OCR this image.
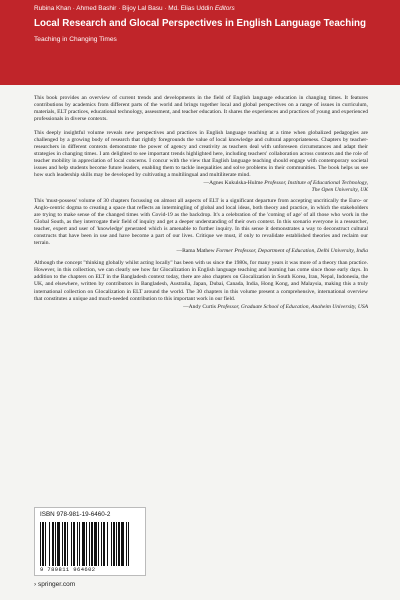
Rubina Khan · Ahmed Bashir · Bijoy Lal Basu · Md. Elias Uddin Editors
Local Research and Glocal Perspectives in English Language Teaching
Teaching in Changing Times

This book provides an overview of current trends and developments in the field of English language education in changing times. It features contributions by academics from different parts of the world and brings together local and global perspectives on a range of issues in curriculum, materials, ELT practices, educational technology, assessment, and teacher education. It shares the experiences and practices of young and experienced professionals in diverse contexts.

This deeply insightful volume reveals new perspectives and practices in English language teaching at a time when globalized pedagogies are challenged by a growing body of research that rightly foregrounds the value of local knowledge and cultural appropriateness. Chapters by teacher-researchers in different contexts demonstrate the power of agency and creativity as teachers deal with unforeseen circumstances and adapt their strategies in changing times. I am delighted to see important trends highlighted here, including teachers' collaboration across contexts and the role of teacher mobility in appreciation of local concerns. I concur with the view that English language teaching should engage with contemporary societal issues and help students become future leaders, enabling them to tackle inequalities and solve problems in their communities. The book helps us see how such leadership skills may be developed by cultivating a multilingual and multiliterate mind.

—Agnes Kukulska-Hulme Professor, Institute of Educational Technology,
The Open University, UK

This 'must-possess' volume of 30 chapters focussing on almost all aspects of ELT is a significant departure from accepting uncritically the Euro- or Anglo-centric dogma to creating a space that reflects an intermingling of global and local ideas, both theory and practice, in which the stakeholders are trying to make sense of the changed times with Covid-19 as the backdrop. It's a celebration of the 'coming of age' of all those who work in the Global South, as they interrogate their field of inquiry and get a deeper understanding of their own context. In this scenario everyone is a researcher, teacher, expert and user of 'knowledge' generated which is amenable to further inquiry. In this sense it demonstrates a way to deconstruct cultural constructs that have been in use and have become a part of our lives. Critique we must, if only to revalidate established theories and reclaim our terrain.

—Rama Mathew Former Professor, Department of Education, Delhi University, India

Although the concept "thinking globally whilst acting locally" has been with us since the 1980s, for many years it was more of a theory than practice. However, in this collection, we can clearly see how far Glocalization in English language teaching and learning has come since those early days. In addition to the chapters on ELT in the Bangladesh context today, there are also chapters on Glocalization in South Korea, Iran, Nepal, Indonesia, the UK, and elsewhere, written by contributors in Bangladesh, Australia, Japan, Dubai, Canada, India, Hong Kong, and Malaysia, making this a truly international collection on Glocalization in ELT around the world. The 30 chapters in this volume present a comprehensive, international overview that constitutes a unique and much-needed contribution to this important work in our field.

—Andy Curtis Professor, Graduate School of Education, Anaheim University, USA
ISBN 978-981-19-6460-2
9 789811 964602
› springer.com
